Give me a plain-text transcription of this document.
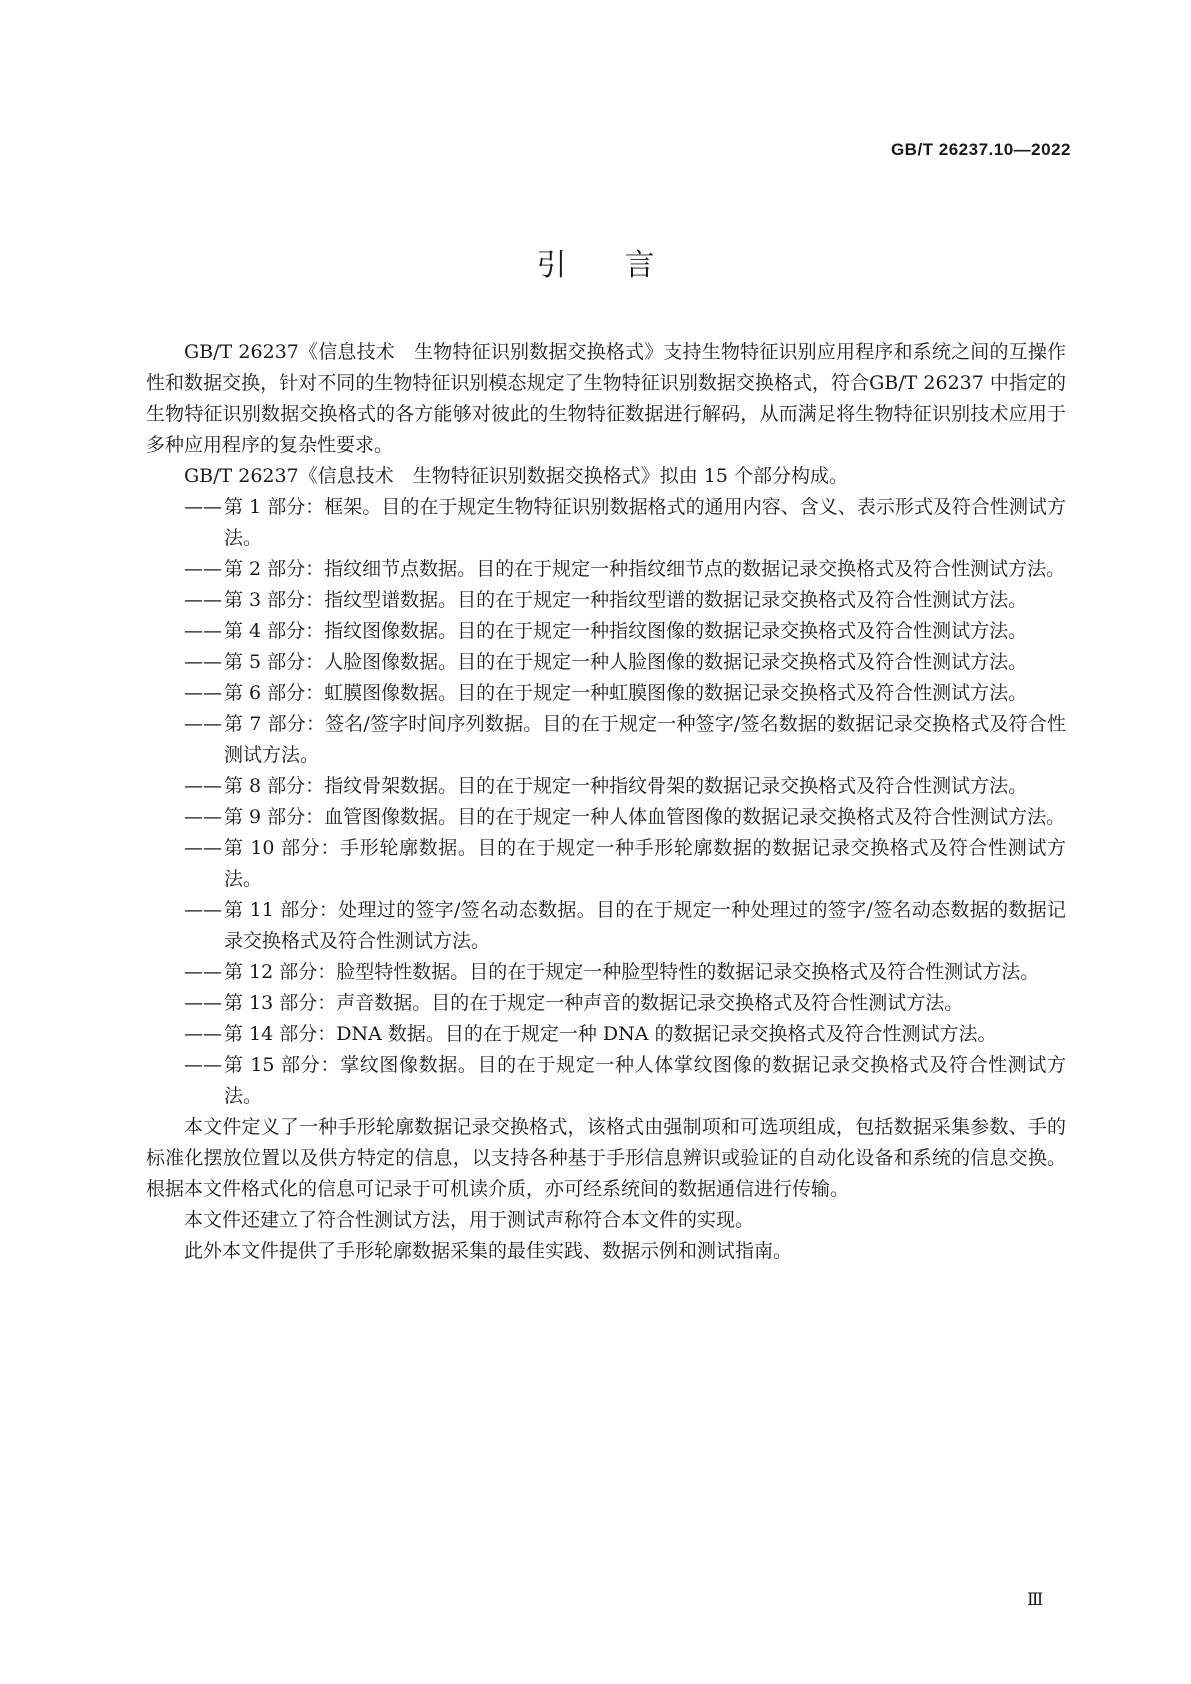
GB/T 26237.10—2022
引言

GB/T 26237《信息技术　生物特征识别数据交换格式》支持生物特征识别应用程序和系统之间的互操作性和数据交换，针对不同的生物特征识别模态规定了生物特征识别数据交换格式，符合GB/T 26237 中指定的生物特征识别数据交换格式的各方能够对彼此的生物特征数据进行解码，从而满足将生物特征识别技术应用于多种应用程序的复杂性要求。

GB/T 26237《信息技术　生物特征识别数据交换格式》拟由 15 个部分构成。

—— 第 1 部分：框架。目的在于规定生物特征识别数据格式的通用内容、含义、表示形式及符合性测试方法。
—— 第 2 部分：指纹细节点数据。目的在于规定一种指纹细节点的数据记录交换格式及符合性测试方法。
—— 第 3 部分：指纹型谱数据。目的在于规定一种指纹型谱的数据记录交换格式及符合性测试方法。
—— 第 4 部分：指纹图像数据。目的在于规定一种指纹图像的数据记录交换格式及符合性测试方法。
—— 第 5 部分：人脸图像数据。目的在于规定一种人脸图像的数据记录交换格式及符合性测试方法。
—— 第 6 部分：虹膜图像数据。目的在于规定一种虹膜图像的数据记录交换格式及符合性测试方法。
—— 第 7 部分：签名/签字时间序列数据。目的在于规定一种签字/签名数据的数据记录交换格式及符合性测试方法。
—— 第 8 部分：指纹骨架数据。目的在于规定一种指纹骨架的数据记录交换格式及符合性测试方法。
—— 第 9 部分：血管图像数据。目的在于规定一种人体血管图像的数据记录交换格式及符合性测试方法。
—— 第 10 部分：手形轮廓数据。目的在于规定一种手形轮廓数据的数据记录交换格式及符合性测试方法。
—— 第 11 部分：处理过的签字/签名动态数据。目的在于规定一种处理过的签字/签名动态数据的数据记录交换格式及符合性测试方法。
—— 第 12 部分：脸型特性数据。目的在于规定一种脸型特性的数据记录交换格式及符合性测试方法。
—— 第 13 部分：声音数据。目的在于规定一种声音的数据记录交换格式及符合性测试方法。
—— 第 14 部分：DNA 数据。目的在于规定一种 DNA 的数据记录交换格式及符合性测试方法。
—— 第 15 部分：掌纹图像数据。目的在于规定一种人体掌纹图像的数据记录交换格式及符合性测试方法。

本文件定义了一种手形轮廓数据记录交换格式，该格式由强制项和可选项组成，包括数据采集参数、手的标准化摆放位置以及供方特定的信息，以支持各种基于手形信息辨识或验证的自动化设备和系统的信息交换。根据本文件格式化的信息可记录于可机读介质，亦可经系统间的数据通信进行传输。

本文件还建立了符合性测试方法，用于测试声称符合本文件的实现。

此外本文件提供了手形轮廓数据采集的最佳实践、数据示例和测试指南。

Ⅲ
